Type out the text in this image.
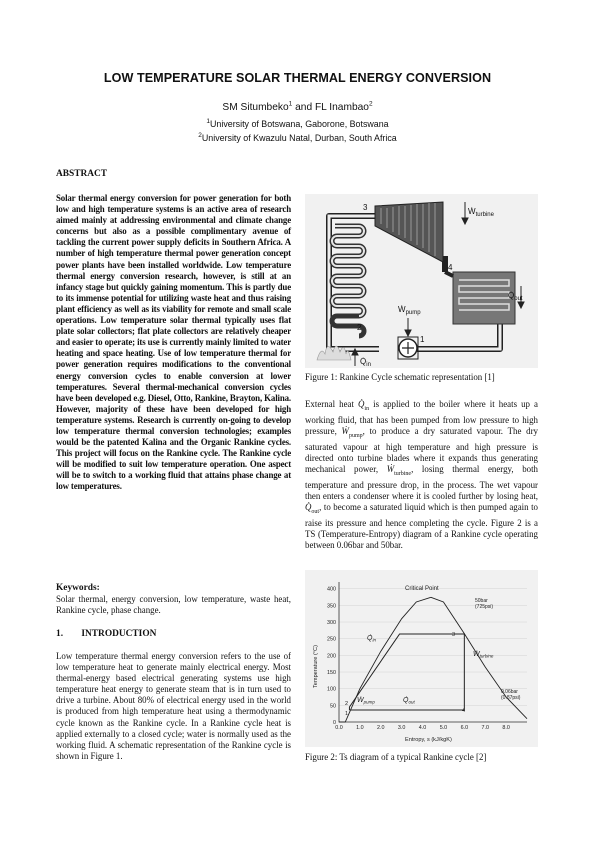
LOW TEMPERATURE SOLAR THERMAL ENERGY CONVERSION
SM Situmbeko$^1$ and FL Inambao$^2$
$^1$University of Botswana, Gaborone, Botswana
$^2$University of Kwazulu Natal, Durban, South Africa
ABSTRACT

Solar thermal energy conversion for power generation for both low and high temperature systems is an active area of research aimed mainly at addressing environmental and climate change concerns but also as a possible complimentary avenue of tackling the current power supply deficits in Southern Africa. A number of high temperature thermal power generation concept power plants have been installed worldwide. Low temperature thermal energy conversion research, however, is still at an infancy stage but quickly gaining momentum. This is partly due to its immense potential for utilizing waste heat and thus raising plant efficiency as well as its viability for remote and small scale operations. Low temperature solar thermal typically uses flat plate solar collectors; flat plate collectors are relatively cheaper and easier to operate; its use is currently mainly limited to water heating and space heating. Use of low temperature thermal for power generation requires modifications to the conventional energy conversion cycles to enable conversion at lower temperatures. Several thermal-mechanical conversion cycles have been developed e.g. Diesel, Otto, Rankine, Brayton, Kalina. However, majority of these have been developed for high temperature systems. Research is currently on-going to develop low temperature thermal conversion technologies; examples would be the patented Kalina and the Organic Rankine cycles. This project will focus on the Rankine cycle. The Rankine cycle will be modified to suit low temperature operation. One aspect will be to switch to a working fluid that attains phase change at low temperatures.

Keywords:

Solar thermal, energy conversion, low temperature, waste heat, Rankine cycle, phase change.

1. INTRODUCTION

Low temperature thermal energy conversion refers to the use of low temperature heat to generate mainly electrical energy. Most thermal-energy based electrical generating systems use high temperature heat energy to generate steam that is in turn used to drive a turbine. About 80% of electrical energy used in the world is produced from high temperature heat using a thermodynamic cycle known as the Rankine cycle. In a Rankine cycle heat is applied externally to a closed cycle; water is normally used as the working fluid. A schematic representation of the Rankine cycle is shown in Figure 1.

3
4
2
1
Ẇ$_{turbine}$
Ẇ$_{pump}$
$Q̇_{out}$
$Q̇_{in}$
Figure 1: Rankine Cycle schematic representation [1]

External heat $Q̇_{in}$ is applied to the boiler where it heats up a working fluid, that has been pumped from low pressure to high pressure, Ẇ$_{pump}$, to produce a dry saturated vapour. The dry saturated vapour at high temperature and high pressure is directed onto turbine blades where it expands thus generating mechanical power, Ẇ$_{turbine}$, losing thermal energy, both temperature and pressure drop, in the process. The wet vapour then enters a condenser where it is cooled further by losing heat, $Q̇_{out}$, to become a saturated liquid which is then pumped again to raise its pressure and hence completing the cycle. Figure 2 is a TS (Temperature-Entropy) diagram of a Rankine cycle operating between 0.06bar and 50bar.

0
50
100
150
200
250
300
350
400
0.0 1.0 2.0 3.0 4.0 5.0 6.0 7.0 8.0
Temperature (°C)
Entropy, s (kJ/kgK)
Critical Point
50bar
(725psi)
0.06bar
(0.87psi)
$Q̇_{in}$
$Q̇_{out}$
Ẇ$_{pump}$
Ẇ$_{turbine}$
1
2
3
4
Figure 2: Ts diagram of a typical Rankine cycle [2]
